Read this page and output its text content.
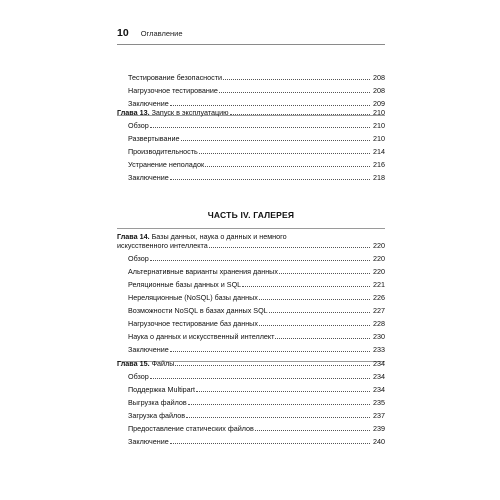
10 Оглавление
Тестирование безопасности	208
Нагрузочное тестирование	208
Заключение	209
Глава 13. Запуск в эксплуатацию	210
Обзор	210
Развертывание	210
Производительность	214
Устранение неполадок	216
Заключение	218
ЧАСТЬ IV. ГАЛЕРЕЯ
Глава 14. Базы данных, наука о данных и немного
искусственного интеллекта	220
Обзор	220
Альтернативные варианты хранения данных	220
Реляционные базы данных и SQL	221
Нереляционные (NoSQL) базы данных	226
Возможности NoSQL в базах данных SQL	227
Нагрузочное тестирование баз данных	228
Наука о данных и искусственный интеллект	230
Заключение	233
Глава 15. Файлы	234
Обзор	234
Поддержка Multipart	234
Выгрузка файлов	235
Загрузка файлов	237
Предоставление статических файлов	239
Заключение	240
